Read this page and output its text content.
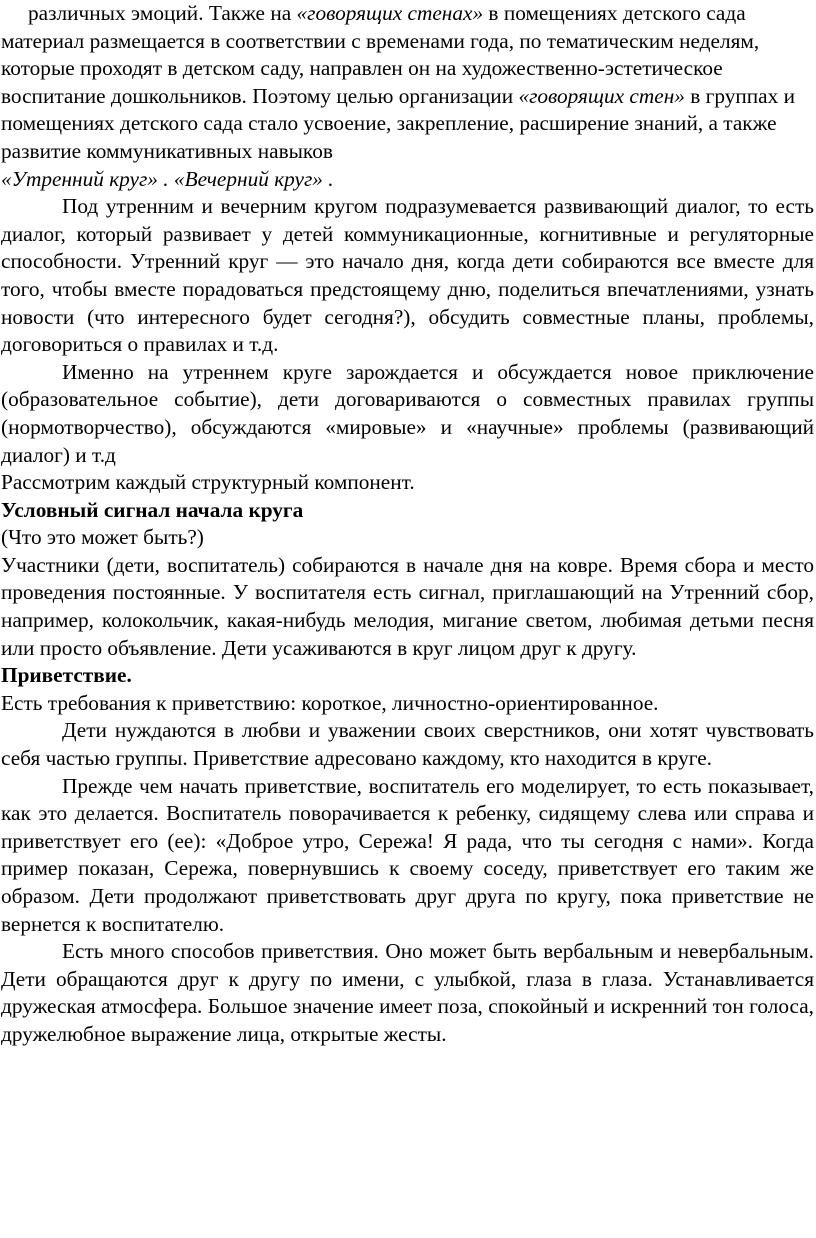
различных эмоций. Также на «говорящих стенах» в помещениях детского сада материал размещается в соответствии с временами года, по тематическим неделям, которые проходят в детском саду, направлен он на художественно-эстетическое воспитание дошкольников. Поэтому целью организации «говорящих стен» в группах и помещениях детского сада стало усвоение, закрепление, расширение знаний, а также развитие коммуникативных навыков

«Утренний круг» . «Вечерний круг» .

Под утренним и вечерним кругом подразумевается развивающий диалог, то есть диалог, который развивает у детей коммуникационные, когнитивные и регуляторные способности. Утренний круг — это начало дня, когда дети собираются все вместе для того, чтобы вместе порадоваться предстоящему дню, поделиться впечатлениями, узнать новости (что интересного будет сегодня?), обсудить совместные планы, проблемы, договориться о правилах и т.д.

Именно на утреннем круге зарождается и обсуждается новое приключение (образовательное событие), дети договариваются о совместных правилах группы (нормотворчество), обсуждаются «мировые» и «научные» проблемы (развивающий диалог) и т.д

Рассмотрим каждый структурный компонент.

Условный сигнал начала круга

(Что это может быть?)

Участники (дети, воспитатель) собираются в начале дня на ковре. Время сбора и место проведения постоянные. У воспитателя есть сигнал, приглашающий на Утренний сбор, например, колокольчик, какая-нибудь мелодия, мигание светом, любимая детьми песня или просто объявление. Дети усаживаются в круг лицом друг к другу.

Приветствие.

Есть требования к приветствию: короткое, личностно-ориентированное.

Дети нуждаются в любви и уважении своих сверстников, они хотят чувствовать себя частью группы. Приветствие адресовано каждому, кто находится в круге.

Прежде чем начать приветствие, воспитатель его моделирует, то есть показывает, как это делается. Воспитатель поворачивается к ребенку, сидящему слева или справа и приветствует его (ее): «Доброе утро, Сережа! Я рада, что ты сегодня с нами». Когда пример показан, Сережа, повернувшись к своему соседу, приветствует его таким же образом. Дети продолжают приветствовать друг друга по кругу, пока приветствие не вернется к воспитателю.

Есть много способов приветствия. Оно может быть вербальным и невербальным. Дети обращаются друг к другу по имени, с улыбкой, глаза в глаза. Устанавливается дружеская атмосфера. Большое значение имеет поза, спокойный и искренний тон голоса, дружелюбное выражение лица, открытые жесты.
